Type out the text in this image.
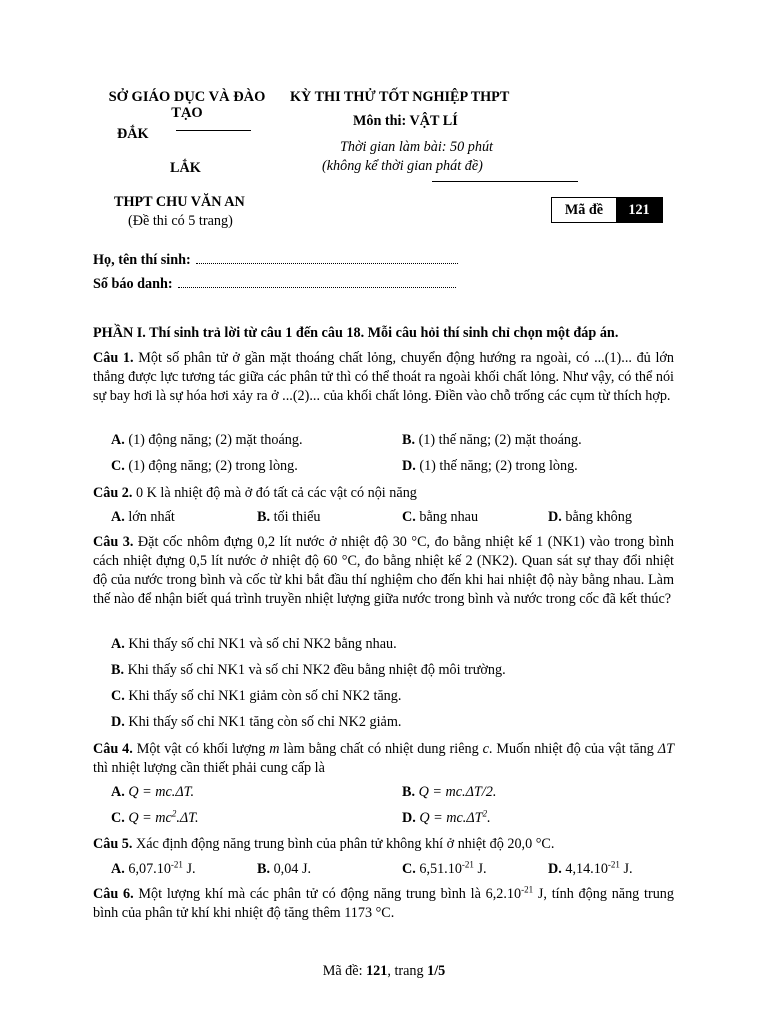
SỞ GIÁO DỤC VÀ ĐÀO
TẠO
ĐẮK
LẮK
THPT CHU VĂN AN
(Đề thi có 5 trang)
KỲ THI THỬ TỐT NGHIỆP THPT
Môn thi: VẬT LÍ
Thời gian làm bài: 50 phút
(không kể thời gian phát đề)
Mã đề	121
Họ, tên thí sinh:
Số báo danh:
PHẦN I. Thí sinh trả lời từ câu 1 đến câu 18. Mỗi câu hỏi thí sinh chỉ chọn một đáp án.
Câu 1. Một số phân tử ở gần mặt thoáng chất lỏng, chuyển động hướng ra ngoài, có ...(1)... đủ lớn thắng được lực tương tác giữa các phân tử thì có thể thoát ra ngoài khối chất lỏng. Như vậy, có thể nói sự bay hơi là sự hóa hơi xảy ra ở ...(2)... của khối chất lỏng. Điền vào chỗ trống các cụm từ thích hợp.
A. (1) động năng; (2) mặt thoáng.	B. (1) thế năng; (2) mặt thoáng.
C. (1) động năng; (2) trong lòng.	D. (1) thế năng; (2) trong lòng.
Câu 2. 0 K là nhiệt độ mà ở đó tất cả các vật có nội năng
A. lớn nhất	B. tối thiểu	C. bằng nhau	D. bằng không
Câu 3. Đặt cốc nhôm đựng 0,2 lít nước ở nhiệt độ 30 °C, đo bằng nhiệt kế 1 (NK1) vào trong bình cách nhiệt đựng 0,5 lít nước ở nhiệt độ 60 °C, đo bằng nhiệt kế 2 (NK2). Quan sát sự thay đổi nhiệt độ của nước trong bình và cốc từ khi bắt đầu thí nghiệm cho đến khi hai nhiệt độ này bằng nhau. Làm thế nào để nhận biết quá trình truyền nhiệt lượng giữa nước trong bình và nước trong cốc đã kết thúc?
A. Khi thấy số chỉ NK1 và số chỉ NK2 bằng nhau.
B. Khi thấy số chỉ NK1 và số chỉ NK2 đều bằng nhiệt độ môi trường.
C. Khi thấy số chỉ NK1 giảm còn số chỉ NK2 tăng.
D. Khi thấy số chỉ NK1 tăng còn số chỉ NK2 giảm.
Câu 4. Một vật có khối lượng m làm bằng chất có nhiệt dung riêng c. Muốn nhiệt độ của vật tăng ΔT thì nhiệt lượng cần thiết phải cung cấp là
A. Q = mc.ΔT.	B. Q = mc.ΔT/2.
C. $Q = mc^2.\Delta T$.	D. $Q = mc.\Delta T^2$.
Câu 5. Xác định động năng trung bình của phân tử không khí ở nhiệt độ 20,0 °C.
A. $6,07.10^{-21}$ J.	B. 0,04 J.	C. $6,51.10^{-21}$ J.	D. $4,14.10^{-21}$ J.
Câu 6. Một lượng khí mà các phân tử có động năng trung bình là $6,2.10^{-21}$ J, tính động năng trung bình của phân tử khí khi nhiệt độ tăng thêm 1173 °C.
Mã đề: 121, trang 1/5
